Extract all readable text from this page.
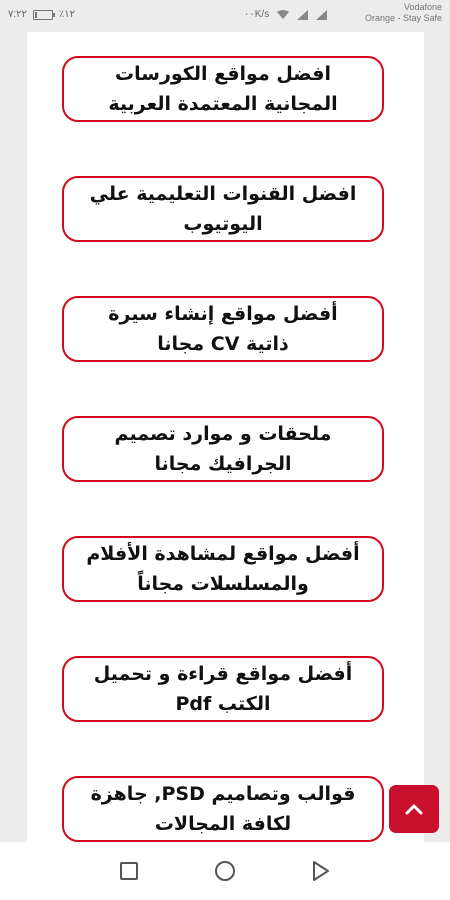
٧:٢٢	٪١٢	٠٠K/s
Vodafone
Orange - Stay Safe
افضل مواقع الكورسات
المجانية المعتمدة العربية
افضل القنوات التعليمية علي
اليوتيوب
أفضل مواقع إنشاء سيرة
ذاتية CV مجانا
ملحقات و موارد تصميم
الجرافيك مجانا
أفضل مواقع لمشاهدة الأفلام
والمسلسلات مجاناً
أفضل مواقع قراءة و تحميل
الكتب Pdf
قوالب وتصاميم PSD, جاهزة
لكافة المجالات
